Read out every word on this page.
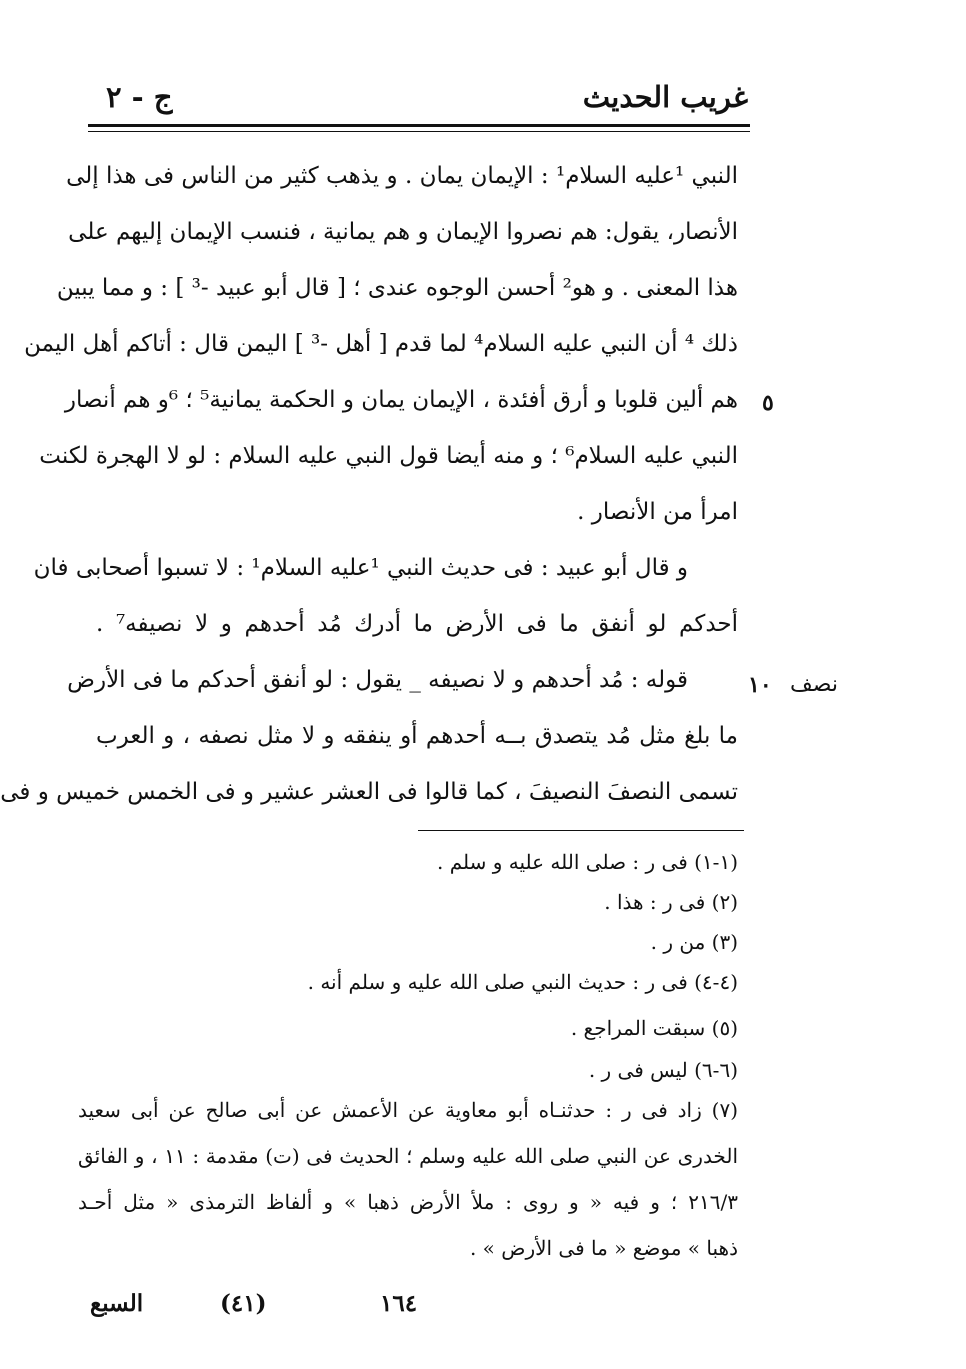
غريب الحديث
ج - ٢
النبي ¹عليه السلام¹ : الإيمان يمان . و يذهب كثير من الناس فى هذا إلى
الأنصار، يقول: هم نصروا الإيمان و هم يمانية ، فنسب الإيمان إليهم على
هذا المعنى . و هو² أحسن الوجوه عندى ؛ [ قال أبو عبيد -³ ] : و مما يبين
ذلك ⁴ أن النبي عليه السلام⁴ لما قدم [ أهل -³ ] اليمن قال : أتاكم أهل اليمن
هم ألين قلوبا و أرق أفئدة ، الإيمان يمان و الحكمة يمانية⁵ ؛ ⁶و هم أنصار
النبي عليه السلام⁶ ؛ و منه أيضا قول النبي عليه السلام : لو لا الهجرة لكنت
امرأ من الأنصار .
و قال أبو عبيد : فى حديث النبي ¹عليه السلام¹ : لا تسبوا أصحابى فان
أحدكم لو أنفق ما فى الأرض ما أدرك مُد أحدهم و لا نصيفه⁷ .
قوله : مُد أحدهم و لا نصيفه _ يقول : لو أنفق أحدكم ما فى الأرض
ما بلغ مثل مُد يتصدق بــه أحدهم أو ينفقه و لا مثل نصفه ، و العرب
تسمى النصفَ النصيفَ ، كما قالوا فى العشر عشير و فى الخمس خميس و فى
٥
١٠ نصف
(١-١) فى ر : صلى الله عليه و سلم .
(٢) فى ر : هذا .
(٣) من ر .
(٤-٤) فى ر : حديث النبي صلى الله عليه و سلم أنه .
(٥) سبقت المراجع .
(٦-٦) ليس فى ر .
(٧) زاد فى ر : حدثنـاه أبو معاوية عن الأعمش عن أبى صالح عن أبى سعيد
الخدرى عن النبي صلى الله عليه وسلم ؛ الحديث فى (ت) مقدمة : ١١ ، و الفائق
٢١٦/٣ ؛ و فيه « و روى : ملأ الأرض ذهبا » و ألفاظ الترمذى « مثل أحـد
ذهبا » موضع « ما فى الأرض » .
١٦٤
(٤١)
السبع
